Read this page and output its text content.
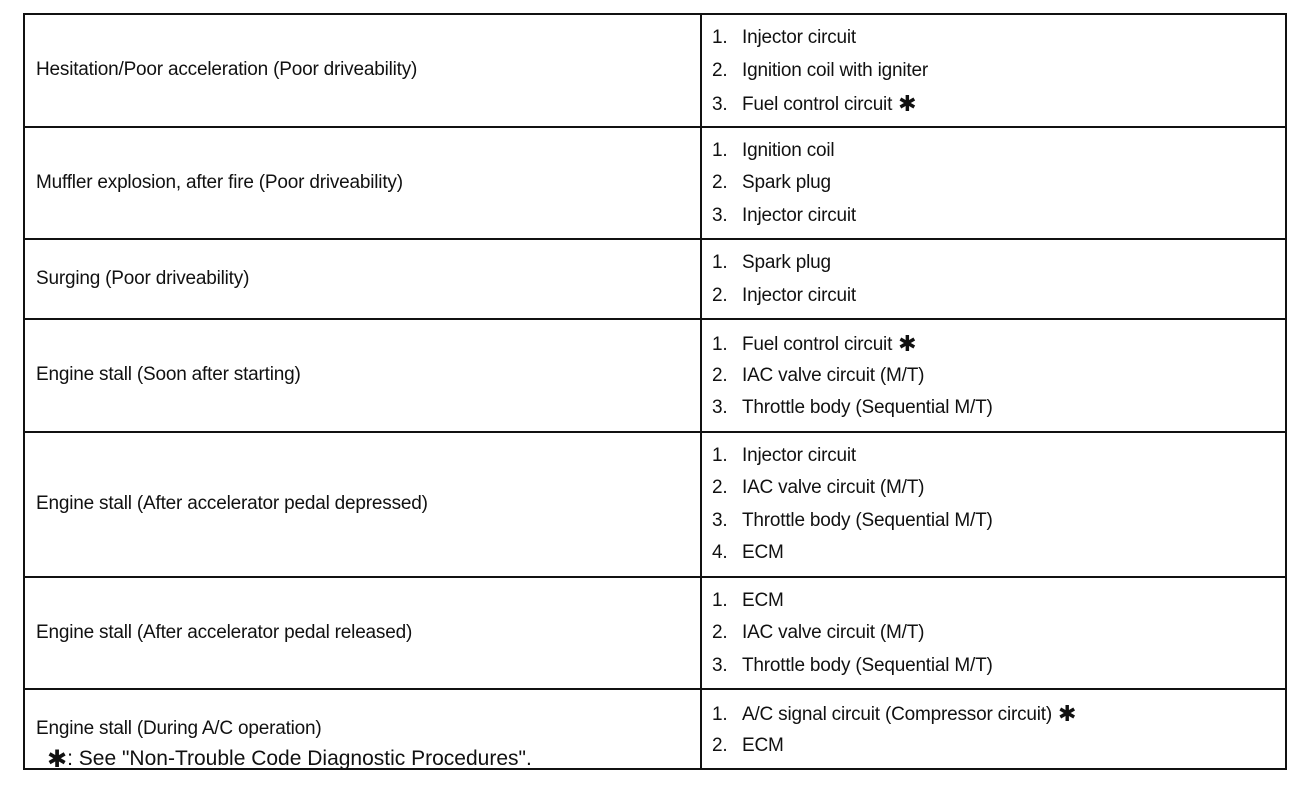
Hesitation/Poor acceleration (Poor driveability)	1. Injector circuit
2. Ignition coil with igniter
3. Fuel control circuit ✱

Muffler explosion, after fire (Poor driveability)	1. Ignition coil
2. Spark plug
3. Injector circuit

Surging (Poor driveability)	1. Spark plug
2. Injector circuit

Engine stall (Soon after starting)	1. Fuel control circuit ✱
2. IAC valve circuit (M/T)
3. Throttle body (Sequential M/T)

Engine stall (After accelerator pedal depressed)	1. Injector circuit
2. IAC valve circuit (M/T)
3. Throttle body (Sequential M/T)
4. ECM

Engine stall (After accelerator pedal released)	1. ECM
2. IAC valve circuit (M/T)
3. Throttle body (Sequential M/T)

Engine stall (During A/C operation)	1. A/C signal circuit (Compressor circuit) ✱
2. ECM
✱: See "Non-Trouble Code Diagnostic Procedures".
